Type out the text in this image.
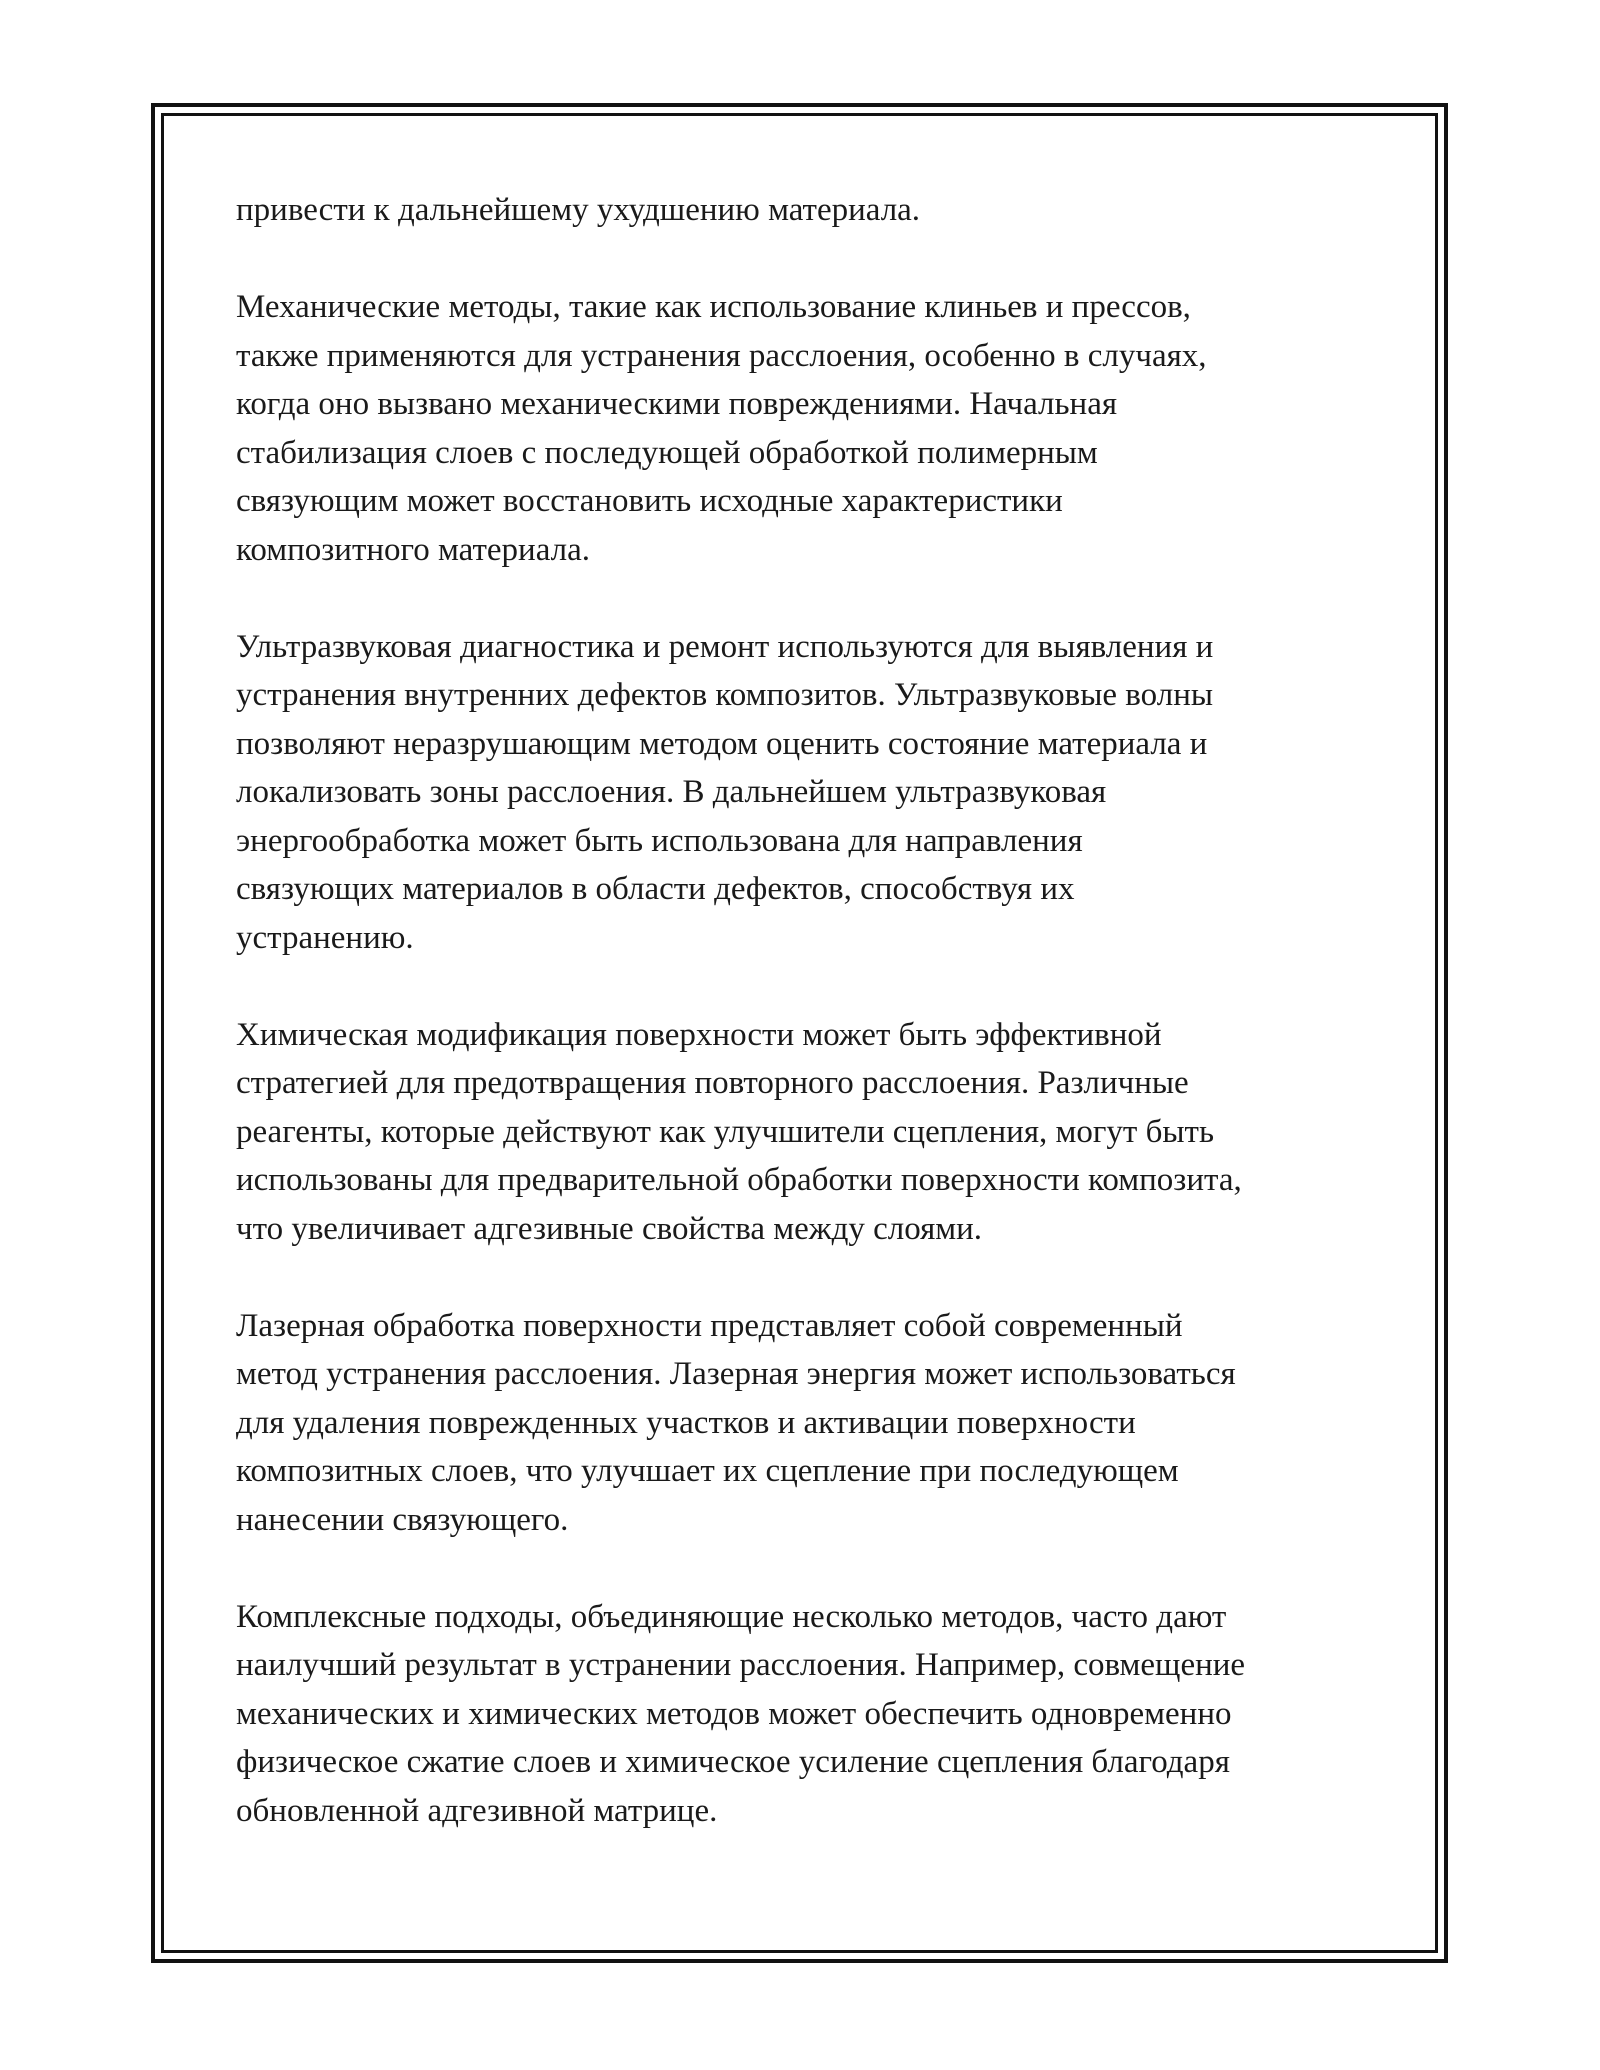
привести к дальнейшему ухудшению материала.

Механические методы, такие как использование клиньев и прессов,
также применяются для устранения расслоения, особенно в случаях,
когда оно вызвано механическими повреждениями. Начальная
стабилизация слоев с последующей обработкой полимерным
связующим может восстановить исходные характеристики
композитного материала.

Ультразвуковая диагностика и ремонт используются для выявления и
устранения внутренних дефектов композитов. Ультразвуковые волны
позволяют неразрушающим методом оценить состояние материала и
локализовать зоны расслоения. В дальнейшем ультразвуковая
энергообработка может быть использована для направления
связующих материалов в области дефектов, способствуя их
устранению.

Химическая модификация поверхности может быть эффективной
стратегией для предотвращения повторного расслоения. Различные
реагенты, которые действуют как улучшители сцепления, могут быть
использованы для предварительной обработки поверхности композита,
что увеличивает адгезивные свойства между слоями.

Лазерная обработка поверхности представляет собой современный
метод устранения расслоения. Лазерная энергия может использоваться
для удаления поврежденных участков и активации поверхности
композитных слоев, что улучшает их сцепление при последующем
нанесении связующего.

Комплексные подходы, объединяющие несколько методов, часто дают
наилучший результат в устранении расслоения. Например, совмещение
механических и химических методов может обеспечить одновременно
физическое сжатие слоев и химическое усиление сцепления благодаря
обновленной адгезивной матрице.
